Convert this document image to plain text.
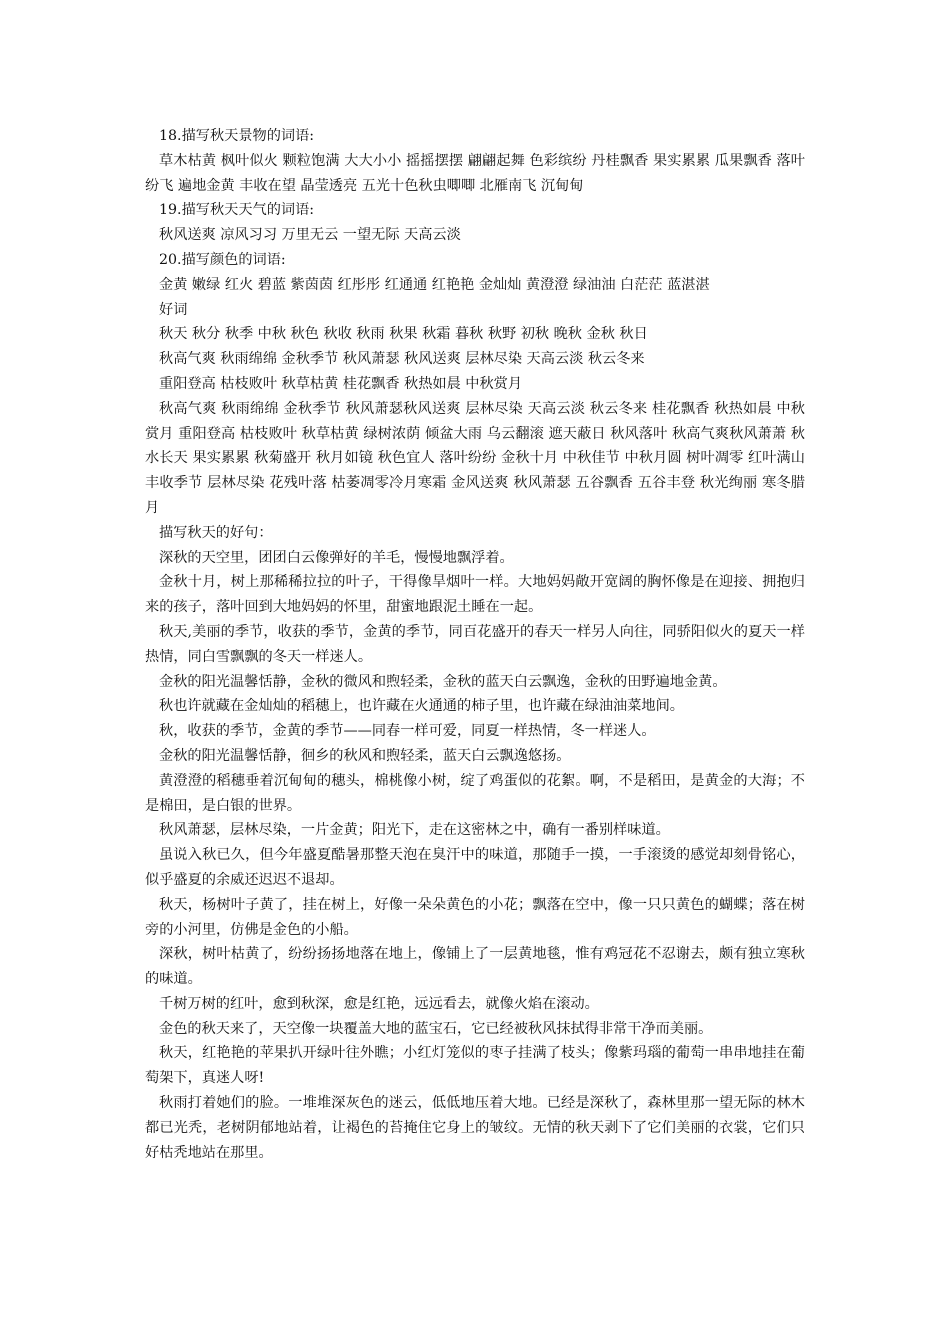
18.描写秋天景物的词语:

草木枯黄 枫叶似火 颗粒饱满 大大小小 摇摇摆摆 翩翩起舞 色彩缤纷 丹桂飘香 果实累累 瓜果飘香 落叶纷飞 遍地金黄 丰收在望 晶莹透亮 五光十色秋虫唧唧 北雁南飞 沉甸甸

19.描写秋天天气的词语:

秋风送爽 凉风习习 万里无云 一望无际 天高云淡

20.描写颜色的词语:

金黄 嫩绿 红火 碧蓝 紫茵茵 红彤彤 红通通 红艳艳 金灿灿 黄澄澄 绿油油 白茫茫 蓝湛湛

好词

秋天 秋分 秋季 中秋 秋色 秋收 秋雨 秋果 秋霜 暮秋 秋野 初秋 晚秋 金秋 秋日

秋高气爽 秋雨绵绵 金秋季节 秋风萧瑟 秋风送爽 层林尽染 天高云淡 秋云冬来

重阳登高 枯枝败叶 秋草枯黄 桂花飘香 秋热如晨 中秋赏月

秋高气爽 秋雨绵绵 金秋季节 秋风萧瑟秋风送爽 层林尽染 天高云淡 秋云冬来 桂花飘香 秋热如晨 中秋赏月 重阳登高 枯枝败叶 秋草枯黄 绿树浓荫 倾盆大雨 乌云翻滚 遮天蔽日 秋风落叶 秋高气爽秋风萧萧 秋水长天 果实累累 秋菊盛开 秋月如镜 秋色宜人 落叶纷纷 金秋十月 中秋佳节 中秋月圆 树叶凋零 红叶满山 丰收季节 层林尽染 花残叶落 枯萎凋零冷月寒霜 金风送爽 秋风萧瑟 五谷飘香 五谷丰登 秋光绚丽 寒冬腊月

描写秋天的好句：

深秋的天空里，团团白云像弹好的羊毛，慢慢地飘浮着。

金秋十月，树上那稀稀拉拉的叶子，干得像旱烟叶一样。大地妈妈敞开宽阔的胸怀像是在迎接、拥抱归来的孩子，落叶回到大地妈妈的怀里，甜蜜地跟泥土睡在一起。

秋天,美丽的季节，收获的季节，金黄的季节，同百花盛开的春天一样另人向往，同骄阳似火的夏天一样热情，同白雪飘飘的冬天一样迷人。

金秋的阳光温馨恬静，金秋的微风和煦轻柔，金秋的蓝天白云飘逸，金秋的田野遍地金黄。

秋也许就藏在金灿灿的稻穗上，也许藏在火通通的柿子里，也许藏在绿油油菜地间。

秋，收获的季节，金黄的季节——同春一样可爱，同夏一样热情，冬一样迷人。

金秋的阳光温馨恬静，徊乡的秋风和煦轻柔，蓝天白云飘逸悠扬。

黄澄澄的稻穗垂着沉甸甸的穗头，棉桃像小树，绽了鸡蛋似的花絮。啊，不是稻田，是黄金的大海；不是棉田，是白银的世界。

秋风萧瑟，层林尽染，一片金黄；阳光下，走在这密林之中，确有一番别样味道。

虽说入秋已久，但今年盛夏酷暑那整天泡在臭汗中的味道，那随手一摸，一手滚烫的感觉却刻骨铭心，似乎盛夏的余威还迟迟不退却。

秋天，杨树叶子黄了，挂在树上，好像一朵朵黄色的小花；飘落在空中，像一只只黄色的蝴蝶；落在树旁的小河里，仿佛是金色的小船。

深秋，树叶枯黄了，纷纷扬扬地落在地上，像铺上了一层黄地毯，惟有鸡冠花不忍谢去，颇有独立寒秋的味道。

千树万树的红叶，愈到秋深，愈是红艳，远远看去，就像火焰在滚动。

金色的秋天来了，天空像一块覆盖大地的蓝宝石，它已经被秋风抹拭得非常干净而美丽。

秋天，红艳艳的苹果扒开绿叶往外瞧；小红灯笼似的枣子挂满了枝头；像紫玛瑙的葡萄一串串地挂在葡萄架下，真迷人呀!

秋雨打着她们的脸。一堆堆深灰色的迷云，低低地压着大地。已经是深秋了，森林里那一望无际的林木都已光秃，老树阴郁地站着，让褐色的苔掩住它身上的皱纹。无情的秋天剥下了它们美丽的衣裳，它们只好枯秃地站在那里。
